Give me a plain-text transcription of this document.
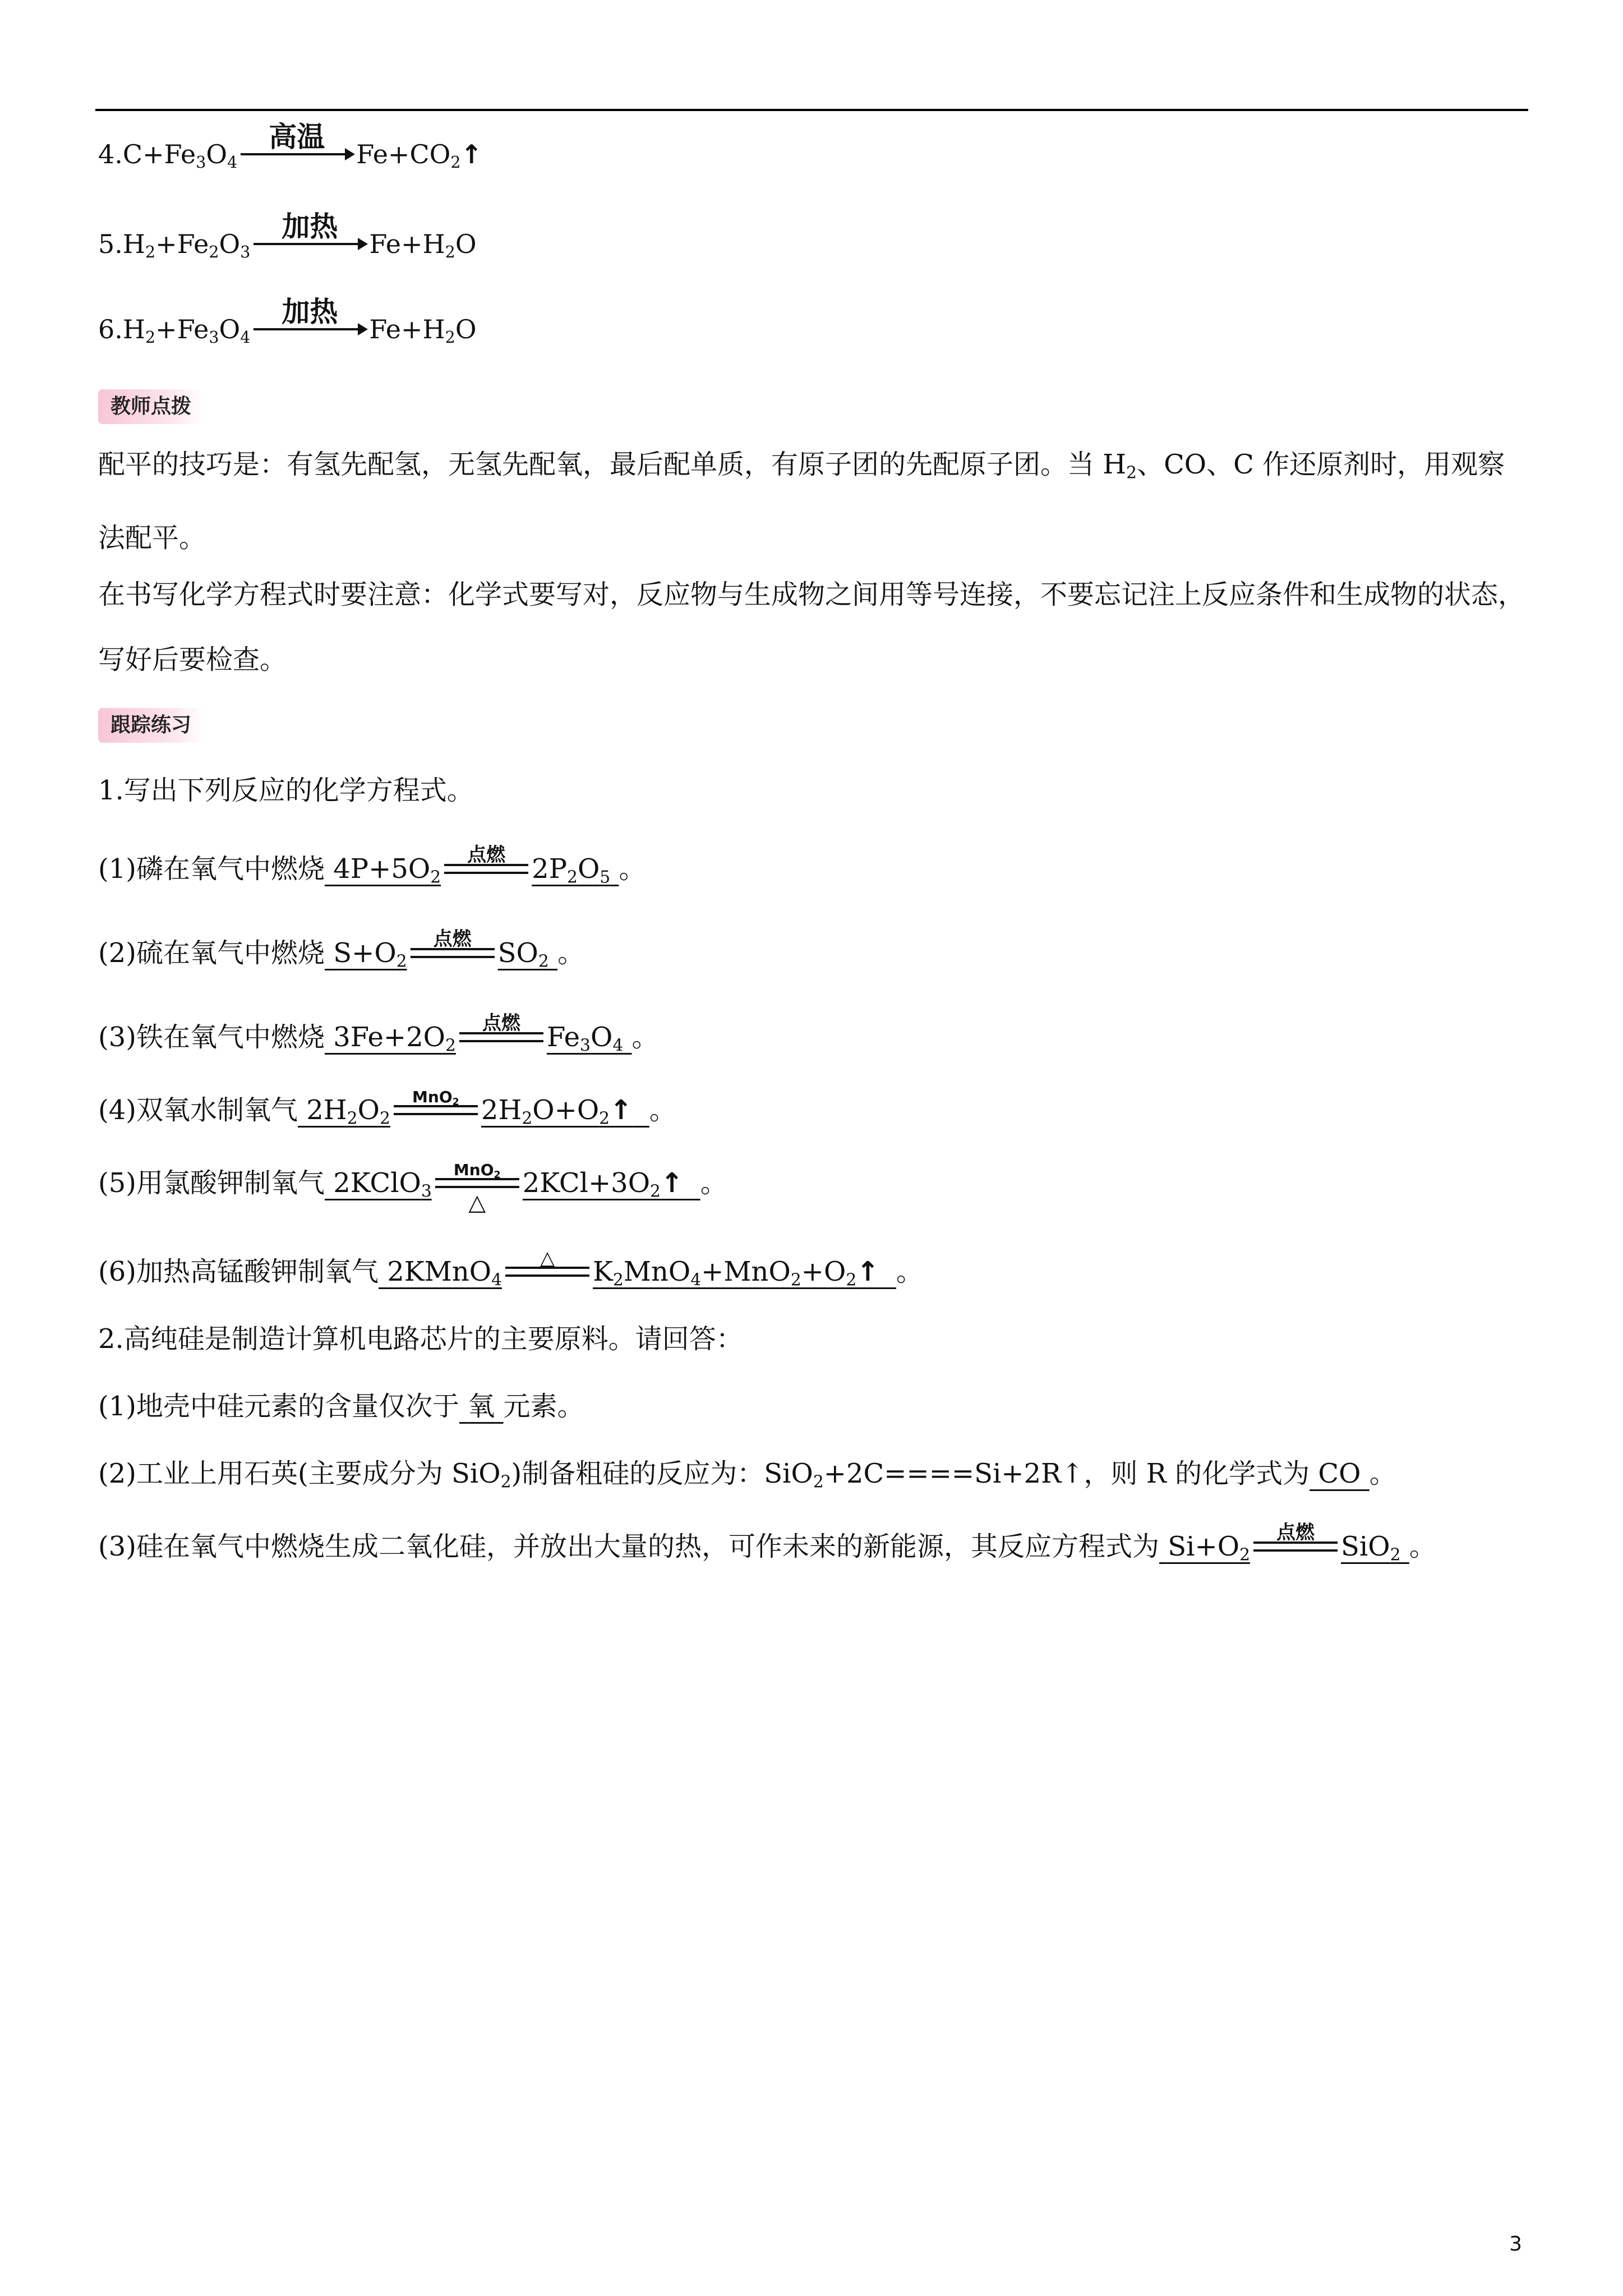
$4.C+Fe_3O_4$
高温
$Fe+CO_2↑$
$5.H_2+Fe_2O_3$
加热
$Fe+H_2O$
$6.H_2+Fe_3O_4$
加热
$Fe+H_2O$
教师点拨
配平的技巧是：有氢先配氢，无氢先配氧，最后配单质，有原子团的先配原子团。当 $H_2$、CO、C 作还原剂时，用观察法配平。
在书写化学方程式时要注意：化学式要写对，反应物与生成物之间用等号连接，不要忘记注上反应条件和生成物的状态，写好后要检查。
跟踪练习
1.写出下列反应的化学方程式。
(1)磷在氧气中燃烧 $4P+5O_2$
点燃 $2P_2O_5$ 。
(2)硫在氧气中燃烧 $S+O_2$
点燃 $SO_2$ 。
(3)铁在氧气中燃烧 $3Fe+2O_2$
点燃 $Fe_3O_4$ 。
(4)双氧水制氧气 $2H_2O_2$
MnO$_2$ $2H_2O+O_2↑$ 。
(5)用氯酸钾制氧气 2KClO$_3$
MnO$_2$
△
$2KCl+3O_2↑$ 。
(6)加热高锰酸钾制氧气 2KMnO$_4$
△	$K_2MnO_4+MnO_2+O_2↑$ 。
2.高纯硅是制造计算机电路芯片的主要原料。请回答：
(1)地壳中硅元素的含量仅次于 氧 元素。
(2)工业上用石英(主要成分为 SiO$_2$)制备粗硅的反应为：SiO$_2$+2C====Si+2R↑，则 R 的化学式为 CO 。
(3)硅在氧气中燃烧生成二氧化硅，并放出大量的热，可作未来的新能源，其反应方程式为 $Si+O_2$
点燃 SiO$_2$ 。
3
